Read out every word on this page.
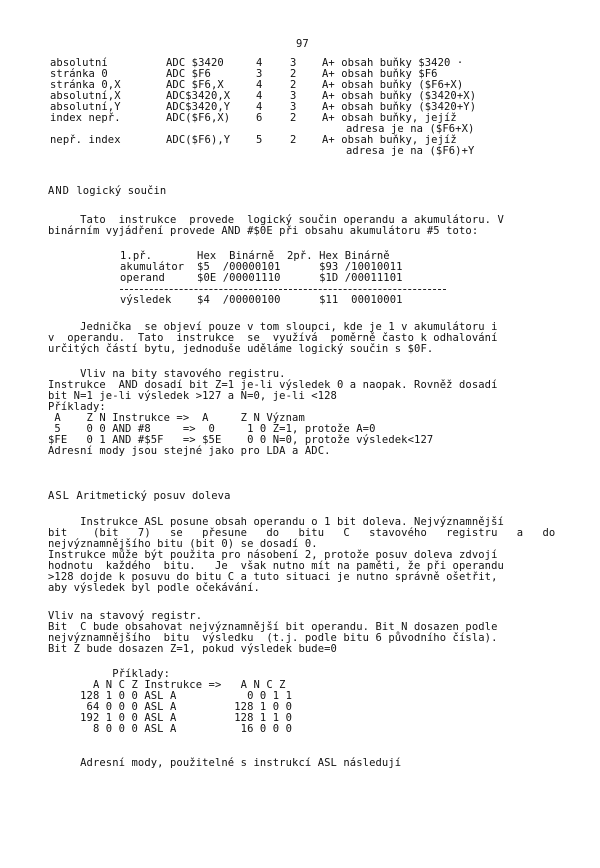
97
AND logický součin
Tato  instrukce  provede  logický součin operandu a akumulátoru. V
binárním vyjádření provede AND #$0E při obsahu akumulátoru #5 toto:
1.př.       Hex  Binárně  2př. Hex Binárně
akumulátor  $5  /00000101      $93 /10010011
operand     $0E /00001110      $1D /00011101
výsledek    $4  /00000100      $11  00010001
Jednička  se objeví pouze v tom sloupci, kde je 1 v akumulátoru i
v  operandu.  Tato  instrukce  se  využívá  poměrně často k odhalování
určitých částí bytu, jednoduše uděláme logický součin s $0F.
Vliv na bity stavového registru.
Instrukce  AND dosadí bit Z=1 je-li výsledek 0 a naopak. Rovněž dosadí
bit N=1 je-li výsledek >127 a N=0, je-li <128
Příklady:
A    Z N Instrukce =>  A     Z N Význam
5    0 0 AND #8     =>  0     1 0 Z=1, protože A=0
$FE   0 1 AND #$5F   => $5E    0 0 N=0, protože výsledek<127
Adresní mody jsou stejné jako pro LDA a ADC.
ASL Aritmetický posuv doleva
Instrukce ASL posune obsah operandu o 1 bit doleva. Nejvýznamnější
bit    (bit   7)   se   přesune   do   bitu   C   stavového   registru   a   do
nejvýznamnějšího bitu (bit 0) se dosadí 0.
Instrukce může být použita pro násobení 2, protože posuv doleva zdvojí
hodnotu  každého  bitu.   Je  však nutno mít na paměti, že při operandu
>128 dojde k posuvu do bitu C a tuto situaci je nutno správně ošetřit,
aby výsledek byl podle očekávání.
Vliv na stavový registr.
Bit  C bude obsahovat nejvýznamnější bit operandu. Bit N dosazen podle
nejvýznamnějšího  bitu  výsledku  (t.j. podle bitu 6 původního čísla).
Bit Z bude dosazen Z=1, pokud výsledek bude=0
Příklady:
A N C Z Instrukce =>   A N C Z
128 1 0 0 ASL A           0 0 1 1
64 0 0 0 ASL A         128 1 0 0
192 1 0 0 ASL A         128 1 1 0
8 0 0 0 ASL A          16 0 0 0
Adresní mody, použitelné s instrukcí ASL následují
absolutní	ADC $3420	4	3 A+ obsah buňky $3420 ·
stránka 0	ADC $F6	3	2 A+ obsah buňky $F6
stránka 0,X	ADC $F6,X	4	2 A+ obsah buňky ($F6+X)
absolutní,X	ADC$3420,X 4	3 A+ obsah buňky ($3420+X)
absolutní,Y	ADC$3420,Y 4	3 A+ obsah buňky ($3420+Y)
index nepř.	ADC($F6,X) 6	2 A+ obsah buňky, jejíž
adresa je na ($F6+X)
nepř. index	ADC($F6),Y 5	2 A+ obsah buňky, jejíž
adresa je na ($F6)+Y
